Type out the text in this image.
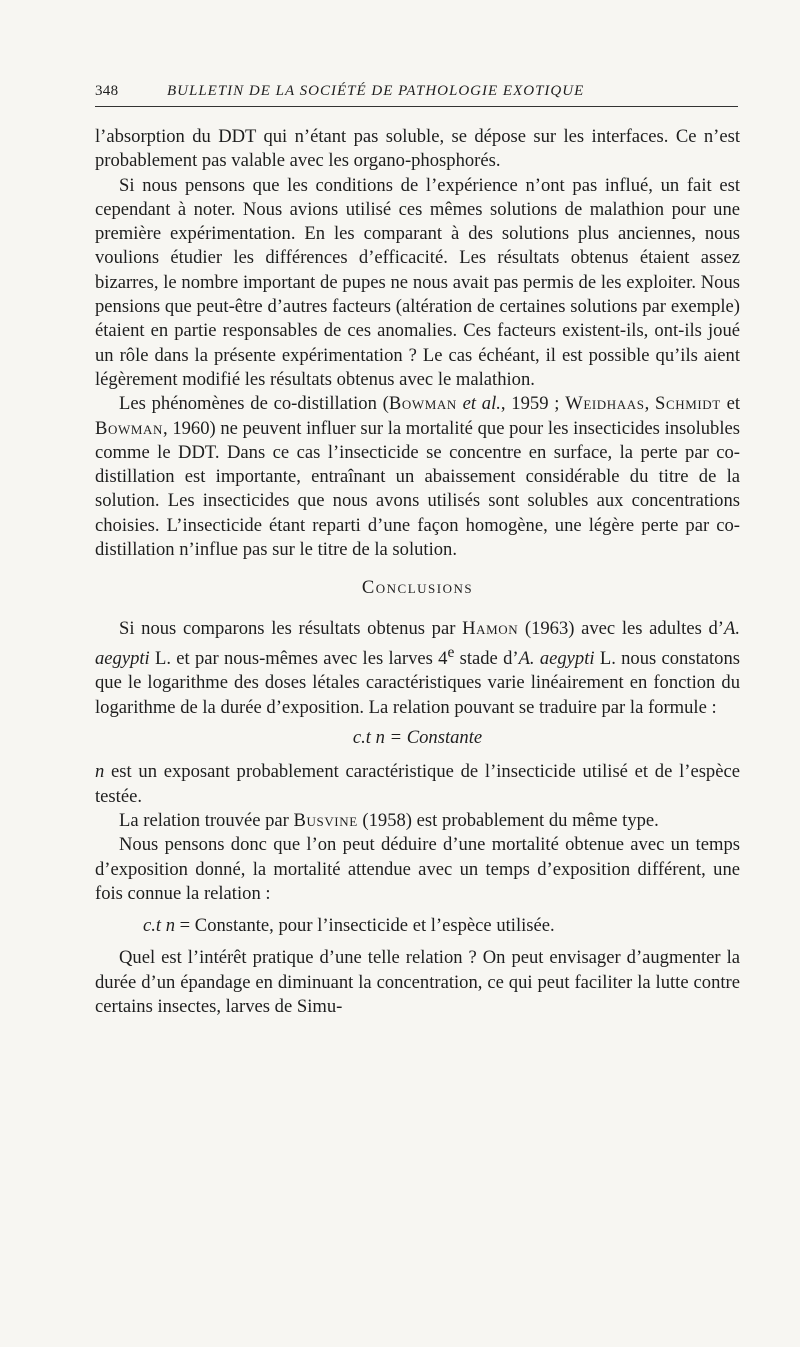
348	BULLETIN DE LA SOCIÉTÉ DE PATHOLOGIE EXOTIQUE

l’absorption du DDT qui n’étant pas soluble, se dépose sur les interfaces. Ce n’est probablement pas valable avec les organo-phosphorés.

Si nous pensons que les conditions de l’expérience n’ont pas influé, un fait est cependant à noter. Nous avions utilisé ces mêmes solutions de malathion pour une première expérimentation. En les comparant à des solutions plus anciennes, nous voulions étudier les différences d’efficacité. Les résultats obtenus étaient assez bizarres, le nombre important de pupes ne nous avait pas permis de les exploiter. Nous pensions que peut-être d’autres facteurs (altération de certaines solutions par exemple) étaient en partie responsables de ces anomalies. Ces facteurs existent-ils, ont-ils joué un rôle dans la présente expérimentation ? Le cas échéant, il est possible qu’ils aient légèrement modifié les résultats obtenus avec le malathion.

Les phénomènes de co-distillation (Bowman et al., 1959 ; Weidhaas, Schmidt et Bowman, 1960) ne peuvent influer sur la mortalité que pour les insecticides insolubles comme le DDT. Dans ce cas l’insecticide se concentre en surface, la perte par co-distillation est importante, entraînant un abaissement considérable du titre de la solution. Les insecticides que nous avons utilisés sont solubles aux concentrations choisies. L’insecticide étant reparti d’une façon homogène, une légère perte par co-distillation n’influe pas sur le titre de la solution.

Conclusions

Si nous comparons les résultats obtenus par Hamon (1963) avec les adultes d’A. aegypti L. et par nous-mêmes avec les larves 4e stade d’A. aegypti L. nous constatons que le logarithme des doses létales caractéristiques varie linéairement en fonction du logarithme de la durée d’exposition. La relation pouvant se traduire par la formule :

c.t n = Constante

n est un exposant probablement caractéristique de l’insecticide utilisé et de l’espèce testée.

La relation trouvée par Busvine (1958) est probablement du même type.

Nous pensons donc que l’on peut déduire d’une mortalité obtenue avec un temps d’exposition donné, la mortalité attendue avec un temps d’exposition différent, une fois connue la relation :

c.t n = Constante, pour l’insecticide et l’espèce utilisée.

Quel est l’intérêt pratique d’une telle relation ? On peut envisager d’augmenter la durée d’un épandage en diminuant la concentration, ce qui peut faciliter la lutte contre certains insectes, larves de Simu-
